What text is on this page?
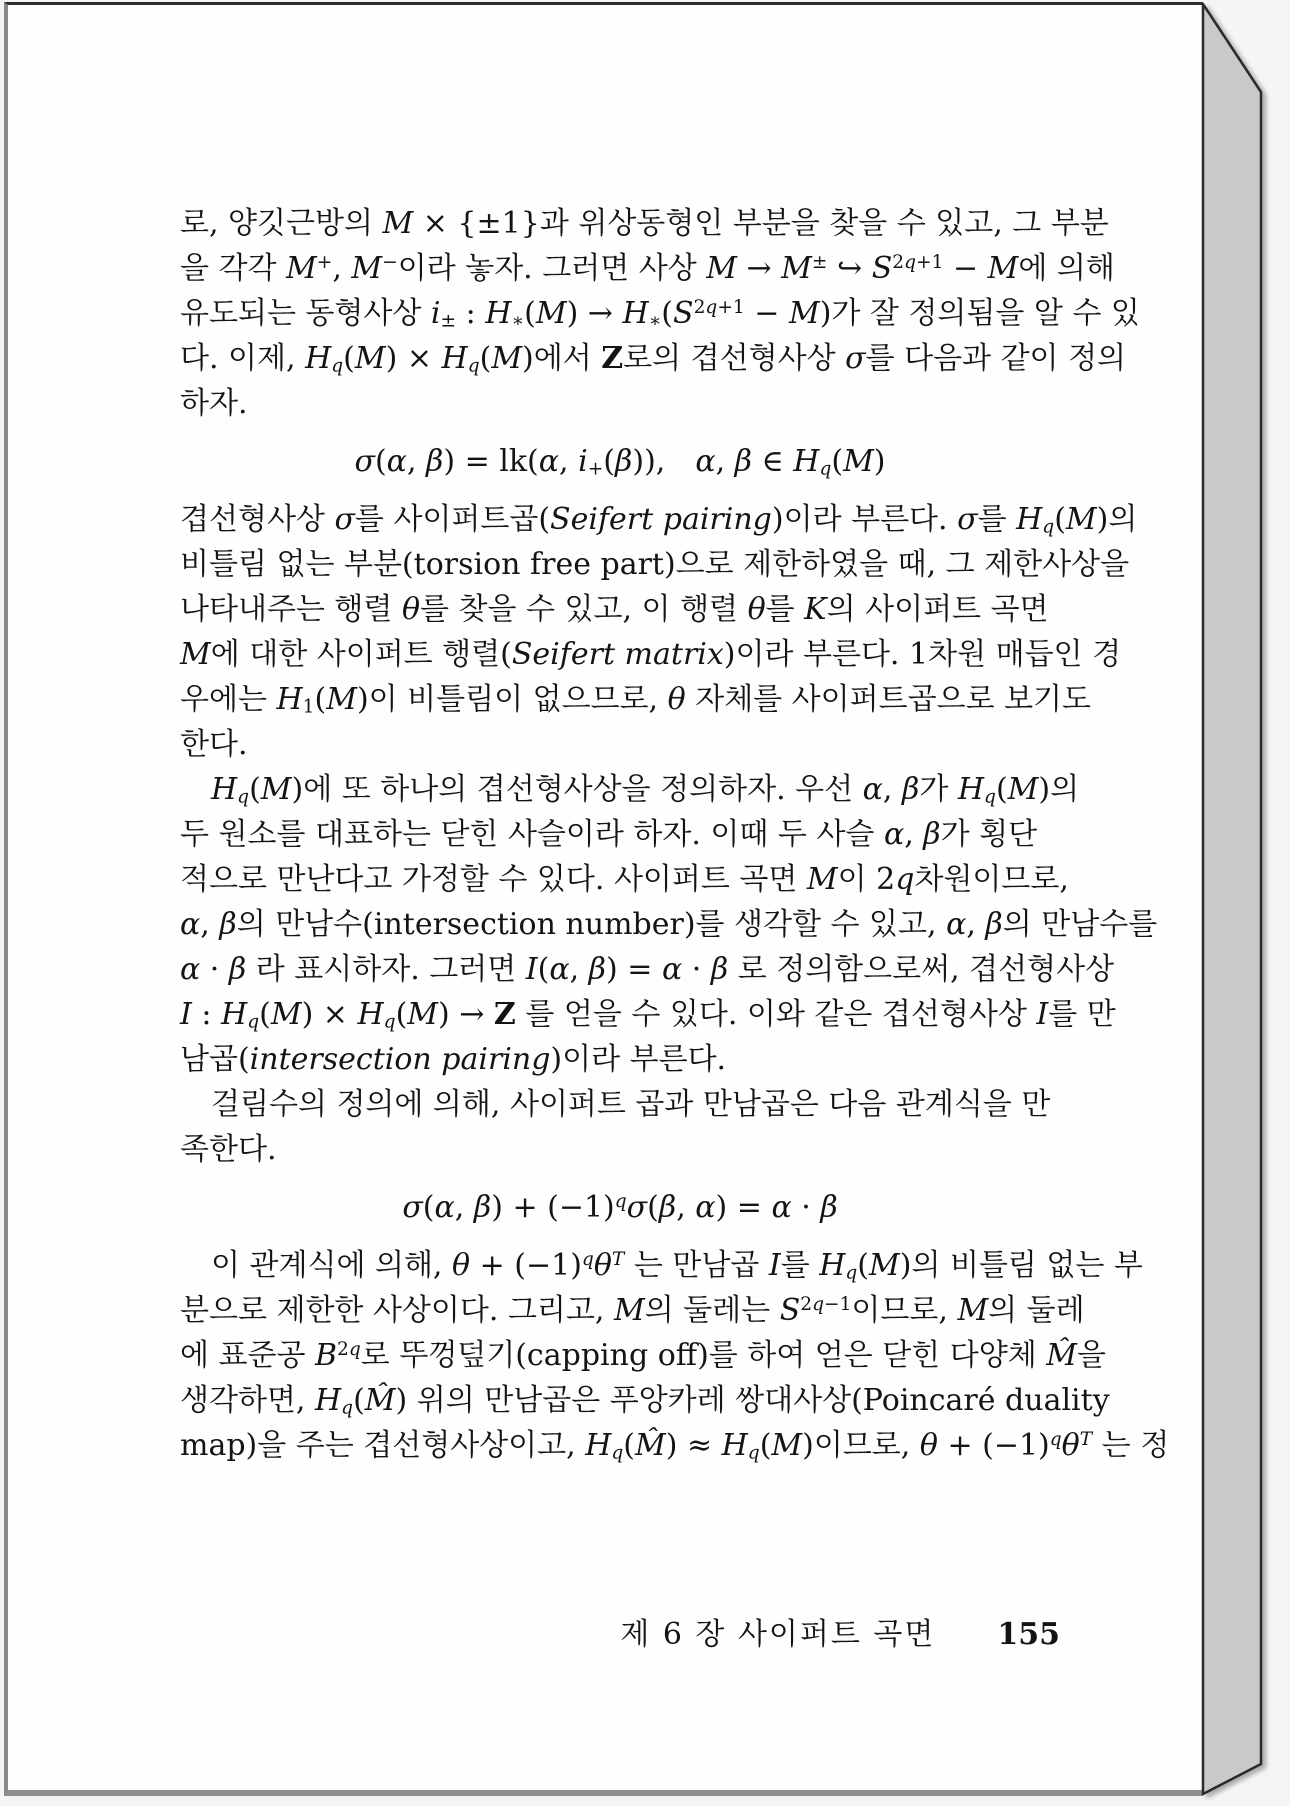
로, 양깃근방의 M × {±1}과 위상동형인 부분을 찾을 수 있고, 그 부분
을 각각 M+, M−이라 놓자. 그러면 사상 M → M± ↪ $S^{2q+1} - M$에 의해
유도되는 동형사상 i± : H∗(M) → $H∗(S^{2q+1} - M)$가 잘 정의됨을 알 수 있
다. 이제, Hq(M) × Hq(M)에서 Z로의 겹선형사상 σ를 다음과 같이 정의
하자.
σ(α, β) = lk(α, i+(β)),  α, β ∈ Hq(M)
겹선형사상 σ를 사이퍼트곱(Seifert pairing)이라 부른다. σ를 Hq(M)의
비틀림 없는 부분(torsion free part)으로 제한하였을 때, 그 제한사상을
나타내주는 행렬 θ를 찾을 수 있고, 이 행렬 θ를 K의 사이퍼트 곡면
M에 대한 사이퍼트 행렬(Seifert matrix)이라 부른다. 1차원 매듭인 경
우에는 H1(M)이 비틀림이 없으므로, θ 자체를 사이퍼트곱으로 보기도
한다.
Hq(M)에 또 하나의 겹선형사상을 정의하자. 우선 α, β가 Hq(M)의
두 원소를 대표하는 닫힌 사슬이라 하자. 이때 두 사슬 α, β가 횡단
적으로 만난다고 가정할 수 있다. 사이퍼트 곡면 M이 2q차원이므로,
α, β의 만남수(intersection number)를 생각할 수 있고, α, β의 만남수를
α · β 라 표시하자. 그러면 I(α, β) = α · β 로 정의함으로써, 겹선형사상
I : Hq(M) × Hq(M) → Z 를 얻을 수 있다. 이와 같은 겹선형사상 I를 만
남곱(intersection pairing)이라 부른다.
걸림수의 정의에 의해, 사이퍼트 곱과 만남곱은 다음 관계식을 만
족한다.
σ(α, $\beta) + (-1)^q\sigma(\beta$, α) = α · β
이 관계식에 의해, $\theta + (-1)^q\theta^T$ 는 만남곱 I를 Hq(M)의 비틀림 없는 부
분으로 제한한 사상이다. 그리고, M의 둘레는 $S^{2q-1}$이므로, M의 둘레
에 표준공 $B^{2q}$로 뚜껑덮기(capping off)를 하여 얻은 닫힌 다양체 M̂을
생각하면, Hq(M̂) 위의 만남곱은 푸앙카레 쌍대사상(Poincaré duality
map)을 주는 겹선형사상이고, Hq(M̂) ≈ Hq(M)이므로, $\theta + (-1)^q\theta^T$ 는 정
제 6 장 사이퍼트 곡면 155
